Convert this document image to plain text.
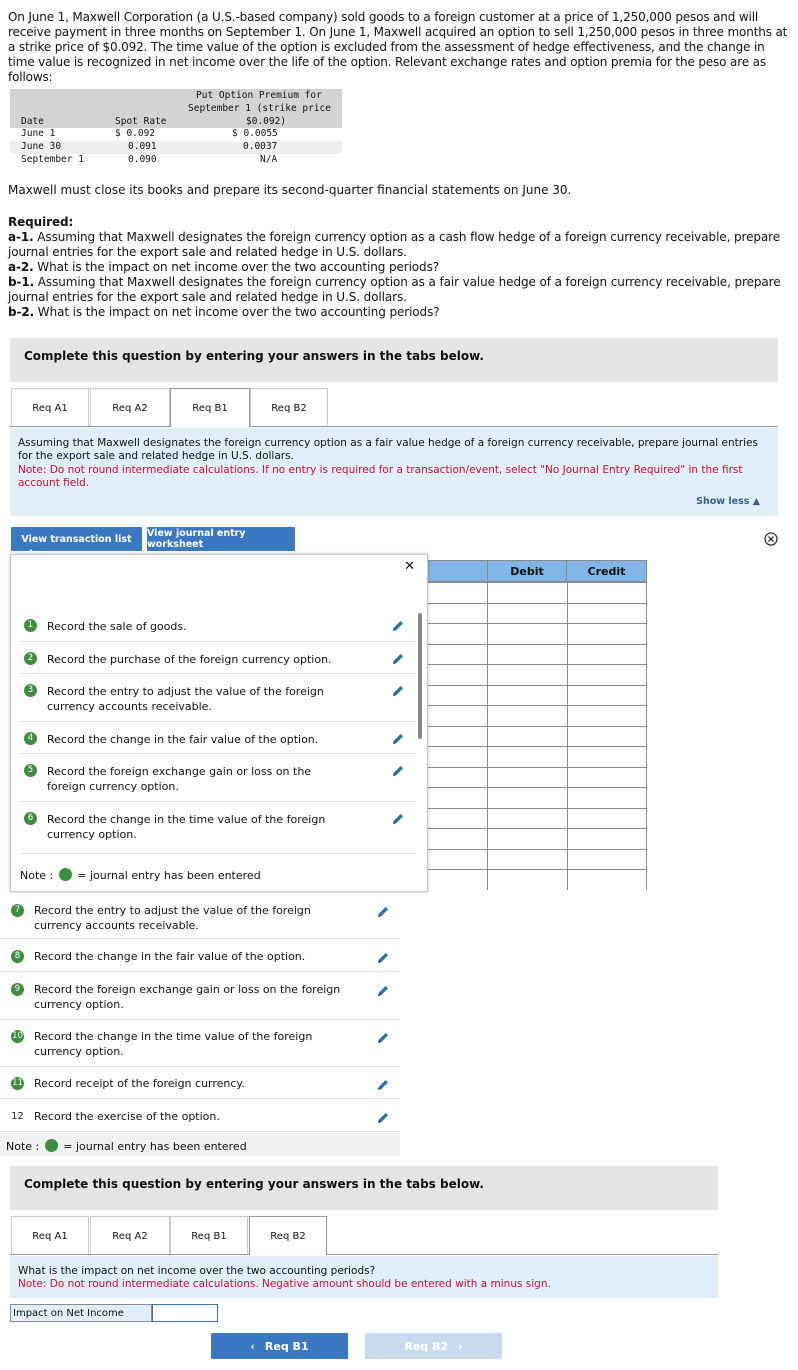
On June 1, Maxwell Corporation (a U.S.-based company) sold goods to a foreign customer at a price of 1,250,000 pesos and will receive payment in three months on September 1. On June 1, Maxwell acquired an option to sell 1,250,000 pesos in three months at a strike price of $0.092. The time value of the option is excluded from the assessment of hedge effectiveness, and the change in time value is recognized in net income over the life of the option. Relevant exchange rates and option premia for the peso are as follows:
Put Option Premium for
September 1 (strike price
$0.092)
Date	Spot Rate
June 1	$ 0.092	$ 0.0055
June 30	0.091	0.0037
September 1	0.090	N/A
Maxwell must close its books and prepare its second-quarter financial statements on June 30.
Required:
a-1. Assuming that Maxwell designates the foreign currency option as a cash flow hedge of a foreign currency receivable, prepare journal entries for the export sale and related hedge in U.S. dollars.
a-2. What is the impact on net income over the two accounting periods?
b-1. Assuming that Maxwell designates the foreign currency option as a fair value hedge of a foreign currency receivable, prepare journal entries for the export sale and related hedge in U.S. dollars.
b-2. What is the impact on net income over the two accounting periods?
Complete this question by entering your answers in the tabs below.
Req A1	Req A2	Req B1	Req B2
Assuming that Maxwell designates the foreign currency option as a fair value hedge of a foreign currency receivable, prepare journal entries for the export sale and related hedge in U.S. dollars.
Note: Do not round intermediate calculations. If no entry is required for a transaction/event, select "No Journal Entry Required" in the first account field.
Show less ▲
View transaction list	View journal entry worksheet
Debit	Credit
✕
1	Record the sale of goods.
2	Record the purchase of the foreign currency option.
3	Record the entry to adjust the value of the foreign currency accounts receivable.
4	Record the change in the fair value of the option.
5	Record the foreign exchange gain or loss on the foreign currency option.
6	Record the change in the time value of the foreign currency option.
Note : = journal entry has been entered
7	Record the entry to adjust the value of the foreign currency accounts receivable.
8	Record the change in the fair value of the option.
9	Record the foreign exchange gain or loss on the foreign currency option.
10 Record the change in the time value of the foreign currency option.
11 Record receipt of the foreign currency.
12 Record the exercise of the option.
Note : = journal entry has been entered
Complete this question by entering your answers in the tabs below.
Req A1	Req A2	Req B1	Req B2
What is the impact on net income over the two accounting periods?
Note: Do not round intermediate calculations. Negative amount should be entered with a minus sign.
Impact on Net Income
‹ Req B1	Req B2 ›
